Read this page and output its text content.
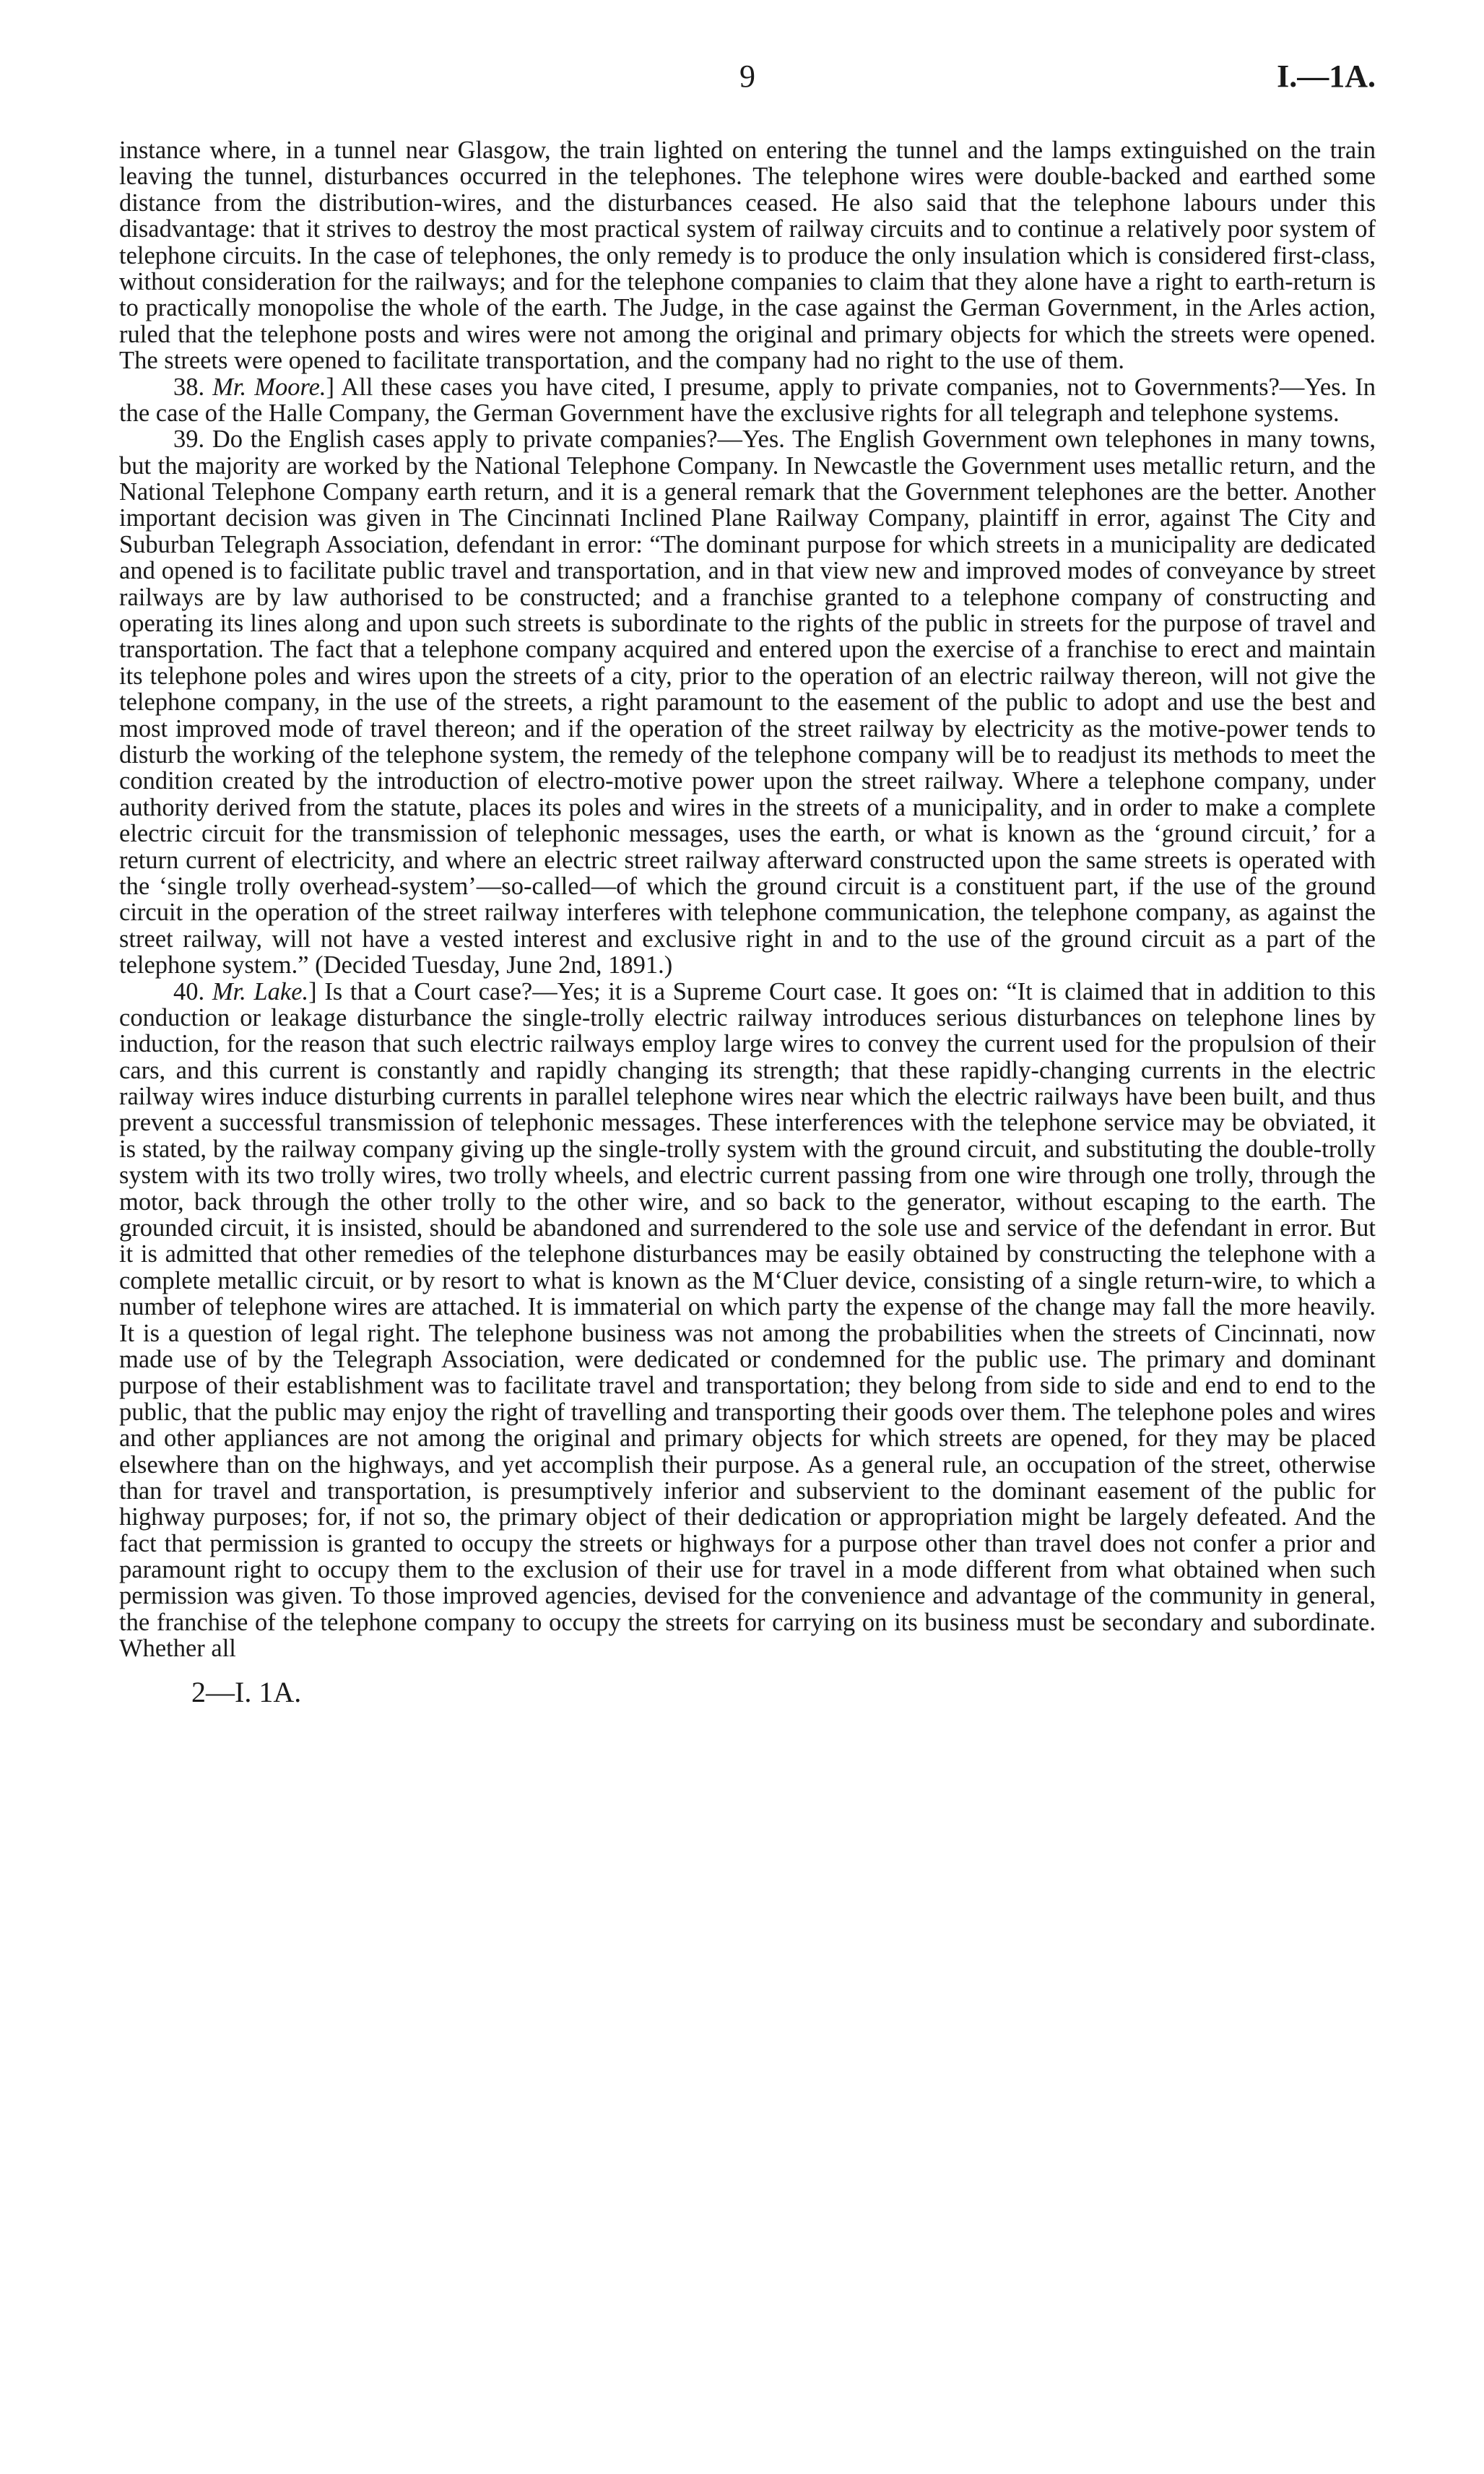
9	I.—1A.

instance where, in a tunnel near Glasgow, the train lighted on entering the tunnel and the lamps extinguished on the train leaving the tunnel, disturbances occurred in the telephones. The telephone wires were double-backed and earthed some distance from the distribution-wires, and the disturbances ceased. He also said that the telephone labours under this disadvantage: that it strives to destroy the most practical system of railway circuits and to continue a relatively poor system of telephone circuits. In the case of telephones, the only remedy is to produce the only insulation which is considered first-class, without consideration for the railways; and for the telephone companies to claim that they alone have a right to earth-return is to practically monopolise the whole of the earth. The Judge, in the case against the German Government, in the Arles action, ruled that the telephone posts and wires were not among the original and primary objects for which the streets were opened. The streets were opened to facilitate transportation, and the company had no right to the use of them.

38. Mr. Moore.] All these cases you have cited, I presume, apply to private companies, not to Governments?—Yes. In the case of the Halle Company, the German Government have the exclusive rights for all telegraph and telephone systems.

39. Do the English cases apply to private companies?—Yes. The English Government own telephones in many towns, but the majority are worked by the National Telephone Company. In Newcastle the Government uses metallic return, and the National Telephone Company earth return, and it is a general remark that the Government telephones are the better. Another important decision was given in The Cincinnati Inclined Plane Railway Company, plaintiff in error, against The City and Suburban Telegraph Association, defendant in error: “The dominant purpose for which streets in a municipality are dedicated and opened is to facilitate public travel and transportation, and in that view new and improved modes of conveyance by street railways are by law authorised to be constructed; and a franchise granted to a telephone company of constructing and operating its lines along and upon such streets is subordinate to the rights of the public in streets for the purpose of travel and transportation. The fact that a telephone company acquired and entered upon the exercise of a franchise to erect and maintain its telephone poles and wires upon the streets of a city, prior to the operation of an electric railway thereon, will not give the telephone company, in the use of the streets, a right paramount to the easement of the public to adopt and use the best and most improved mode of travel thereon; and if the operation of the street railway by electricity as the motive-power tends to disturb the working of the telephone system, the remedy of the telephone company will be to readjust its methods to meet the condition created by the introduction of electro-motive power upon the street railway. Where a telephone company, under authority derived from the statute, places its poles and wires in the streets of a municipality, and in order to make a complete electric circuit for the transmission of telephonic messages, uses the earth, or what is known as the ‘ground circuit,’ for a return current of electricity, and where an electric street railway afterward constructed upon the same streets is operated with the ‘single trolly overhead-system’—so-called—of which the ground circuit is a constituent part, if the use of the ground circuit in the operation of the street railway interferes with telephone communication, the telephone company, as against the street railway, will not have a vested interest and exclusive right in and to the use of the ground circuit as a part of the telephone system.” (Decided Tuesday, June 2nd, 1891.)

40. Mr. Lake.] Is that a Court case?—Yes; it is a Supreme Court case. It goes on: “It is claimed that in addition to this conduction or leakage disturbance the single-trolly electric railway introduces serious disturbances on telephone lines by induction, for the reason that such electric railways employ large wires to convey the current used for the propulsion of their cars, and this current is constantly and rapidly changing its strength; that these rapidly-changing currents in the electric railway wires induce disturbing currents in parallel telephone wires near which the electric railways have been built, and thus prevent a successful transmission of telephonic messages. These interferences with the telephone service may be obviated, it is stated, by the railway company giving up the single-trolly system with the ground circuit, and substituting the double-trolly system with its two trolly wires, two trolly wheels, and electric current passing from one wire through one trolly, through the motor, back through the other trolly to the other wire, and so back to the generator, without escaping to the earth. The grounded circuit, it is insisted, should be abandoned and surrendered to the sole use and service of the defendant in error. But it is admitted that other remedies of the telephone disturbances may be easily obtained by constructing the telephone with a complete metallic circuit, or by resort to what is known as the M‘Cluer device, consisting of a single return-wire, to which a number of telephone wires are attached. It is immaterial on which party the expense of the change may fall the more heavily. It is a question of legal right. The telephone business was not among the probabilities when the streets of Cincinnati, now made use of by the Telegraph Association, were dedicated or condemned for the public use. The primary and dominant purpose of their establishment was to facilitate travel and transportation; they belong from side to side and end to end to the public, that the public may enjoy the right of travelling and transporting their goods over them. The telephone poles and wires and other appliances are not among the original and primary objects for which streets are opened, for they may be placed elsewhere than on the highways, and yet accomplish their purpose. As a general rule, an occupation of the street, otherwise than for travel and transportation, is presumptively inferior and subservient to the dominant easement of the public for highway purposes; for, if not so, the primary object of their dedication or appropriation might be largely defeated. And the fact that permission is granted to occupy the streets or highways for a purpose other than travel does not confer a prior and paramount right to occupy them to the exclusion of their use for travel in a mode different from what obtained when such permission was given. To those improved agencies, devised for the convenience and advantage of the community in general, the franchise of the telephone company to occupy the streets for carrying on its business must be secondary and subordinate. Whether all

2—I. 1A.
